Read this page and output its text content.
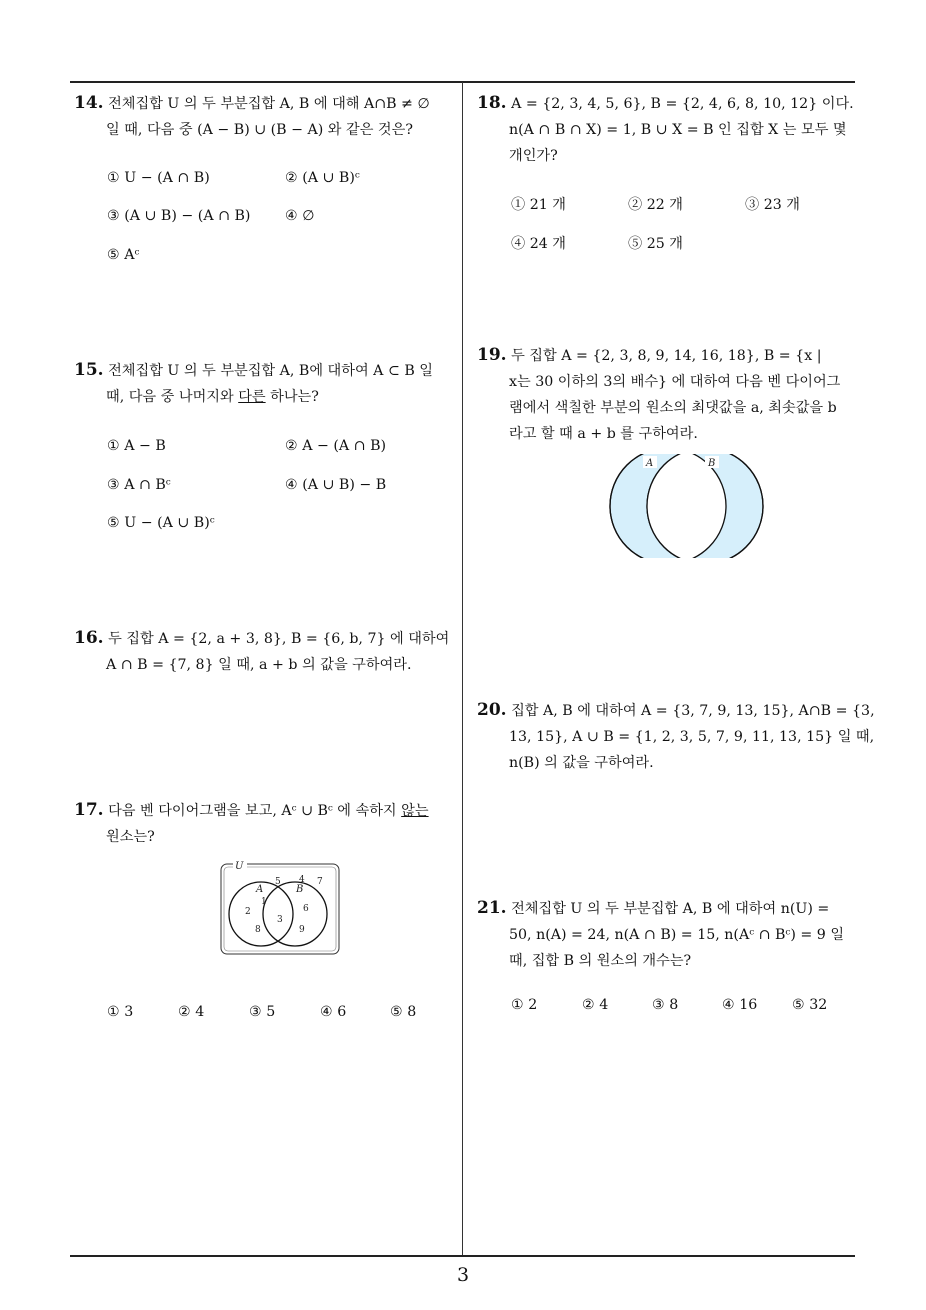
14. 전체집합 U 의 두 부분집합 A, B 에 대해 A∩B ≠ ∅
일 때, 다음 중 (A − B) ∪ (B − A) 와 같은 것은?
① U − (A ∩ B)	② (A ∪ B)ᶜ
③ (A ∪ B) − (A ∩ B) ④ ∅
⑤ Aᶜ
15. 전체집합 U 의 두 부분집합 A, B에 대하여 A ⊂ B 일
때, 다음 중 나머지와 다른 하나는?
① A − B	② A − (A ∩ B)
③ A ∩ Bᶜ	④ (A ∪ B) − B
⑤ U − (A ∪ B)ᶜ
16. 두 집합 A = {2, a + 3, 8}, B = {6, b, 7} 에 대하여
A ∩ B = {7, 8} 일 때, a + b 의 값을 구하여라.
17. 다음 벤 다이어그램을 보고, Aᶜ ∪ Bᶜ 에 속하지 않는
원소는?
U
A	B
5 4 7
1
2
3
6
8	9
① 3	② 4	③ 5	④ 6	⑤ 8
18. A = {2, 3, 4, 5, 6}, B = {2, 4, 6, 8, 10, 12} 이다.
n(A ∩ B ∩ X) = 1, B ∪ X = B 인 집합 X 는 모두 몇
개인가?
① 21 개	② 22 개	③ 23 개
④ 24 개	⑤ 25 개
19. 두 집합 A = {2, 3, 8, 9, 14, 16, 18}, B = {x |
x는 30 이하의 3의 배수} 에 대하여 다음 벤 다이어그
램에서 색칠한 부분의 원소의 최댓값을 a, 최솟값을 b
라고 할 때 a + b 를 구하여라.
A	B
20. 집합 A, B 에 대하여 A = {3, 7, 9, 13, 15}, A∩B = {3,
13, 15}, A ∪ B = {1, 2, 3, 5, 7, 9, 11, 13, 15} 일 때,
n(B) 의 값을 구하여라.
21. 전체집합 U 의 두 부분집합 A, B 에 대하여 n(U) =
50, n(A) = 24, n(A ∩ B) = 15, n(Aᶜ ∩ Bᶜ) = 9 일
때, 집합 B 의 원소의 개수는?
① 2	② 4	③ 8	④ 16 ⑤ 32
3
